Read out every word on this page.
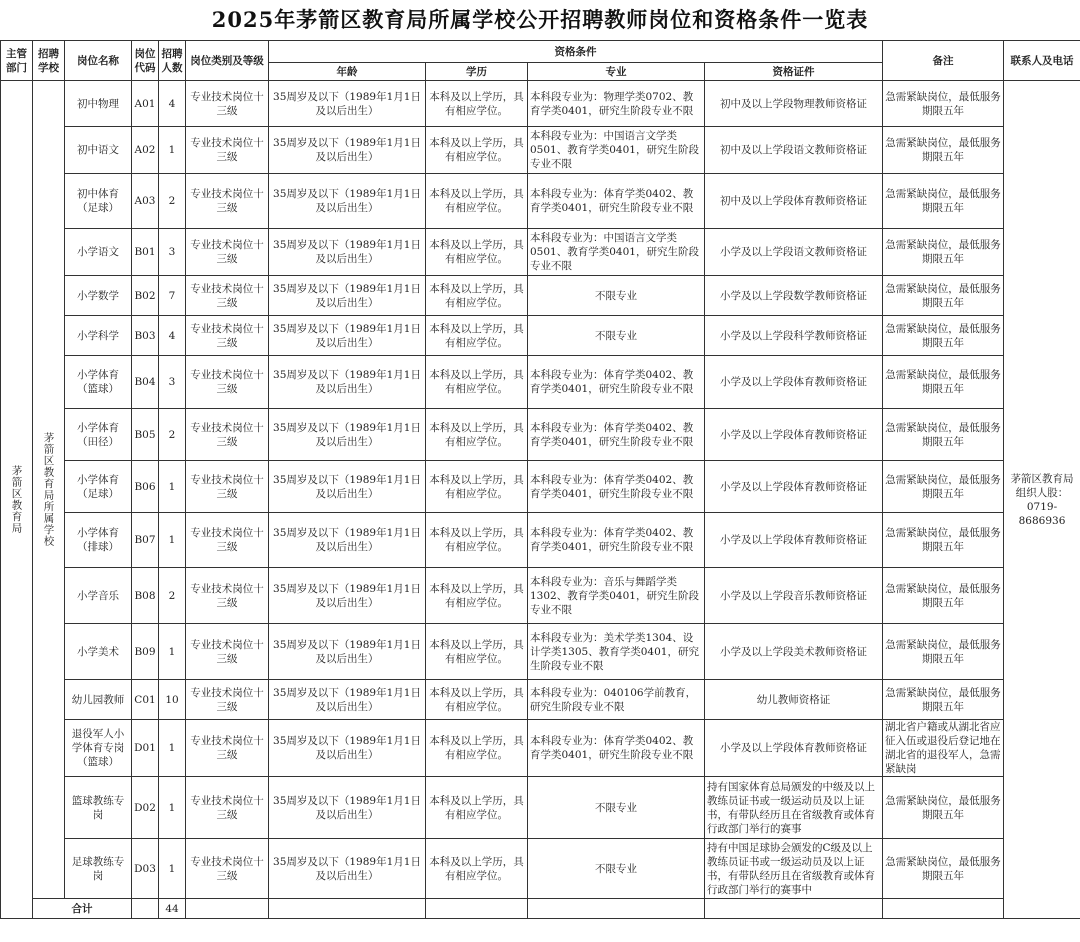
2025年茅箭区教育局所属学校公开招聘教师岗位和资格条件一览表
主管部门	招聘学校	岗位名称	岗位代码	招聘人数	岗位类别及等级	资格条件				备注	联系人及电话
						年龄	学历	专业	资格证件		
茅箭区教育局	茅箭区教育局所属学校	初中物理	A01	4	专业技术岗位十三级	35周岁及以下（1989年1月1日及以后出生）	本科及以上学历，具有相应学位。	本科段专业为：物理学类0702、教育学类0401，研究生阶段专业不限	初中及以上学段物理教师资格证	急需紧缺岗位，最低服务期限五年	茅箭区教育局组织人股：0719-8686936
		初中语文	A02	1	专业技术岗位十三级	35周岁及以下（1989年1月1日及以后出生）	本科及以上学历，具有相应学位。	本科段专业为：中国语言文学类0501、教育学类0401，研究生阶段专业不限	初中及以上学段语文教师资格证	急需紧缺岗位，最低服务期限五年	

		初中体育（足球）	A03	2	专业技术岗位十三级	35周岁及以下（1989年1月1日及以后出生）	本科及以上学历，具有相应学位。	本科段专业为：体育学类0402、教育学类0401，研究生阶段专业不限	初中及以上学段体育教师资格证	急需紧缺岗位，最低服务期限五年	

		小学语文	B01	3	专业技术岗位十三级	35周岁及以下（1989年1月1日及以后出生）	本科及以上学历，具有相应学位。	本科段专业为：中国语言文学类0501、教育学类0401，研究生阶段专业不限	小学及以上学段语文教师资格证	急需紧缺岗位，最低服务期限五年	

		小学数学	B02	7	专业技术岗位十三级	35周岁及以下（1989年1月1日及以后出生）	本科及以上学历，具有相应学位。	不限专业	小学及以上学段数学教师资格证	急需紧缺岗位，最低服务期限五年	

		小学科学	B03	4	专业技术岗位十三级	35周岁及以下（1989年1月1日及以后出生）	本科及以上学历，具有相应学位。	不限专业	小学及以上学段科学教师资格证	急需紧缺岗位，最低服务期限五年	

		小学体育（篮球）	B04	3	专业技术岗位十三级	35周岁及以下（1989年1月1日及以后出生）	本科及以上学历，具有相应学位。	本科段专业为：体育学类0402、教育学类0401，研究生阶段专业不限	小学及以上学段体育教师资格证	急需紧缺岗位，最低服务期限五年	

		小学体育（田径）	B05	2	专业技术岗位十三级	35周岁及以下（1989年1月1日及以后出生）	本科及以上学历，具有相应学位。	本科段专业为：体育学类0402、教育学类0401，研究生阶段专业不限	小学及以上学段体育教师资格证	急需紧缺岗位，最低服务期限五年	

		小学体育（足球）	B06	1	专业技术岗位十三级	35周岁及以下（1989年1月1日及以后出生）	本科及以上学历，具有相应学位。	本科段专业为：体育学类0402、教育学类0401，研究生阶段专业不限	小学及以上学段体育教师资格证	急需紧缺岗位，最低服务期限五年	

		小学体育（排球）	B07	1	专业技术岗位十三级	35周岁及以下（1989年1月1日及以后出生）	本科及以上学历，具有相应学位。	本科段专业为：体育学类0402、教育学类0401，研究生阶段专业不限	小学及以上学段体育教师资格证	急需紧缺岗位，最低服务期限五年	

		小学音乐	B08	2	专业技术岗位十三级	35周岁及以下（1989年1月1日及以后出生）	本科及以上学历，具有相应学位。	本科段专业为：音乐与舞蹈学类1302、教育学类0401，研究生阶段专业不限	小学及以上学段音乐教师资格证	急需紧缺岗位，最低服务期限五年	

		小学美术	B09	1	专业技术岗位十三级	35周岁及以下（1989年1月1日及以后出生）	本科及以上学历，具有相应学位。	本科段专业为：美术学类1304、设计学类1305、教育学类0401，研究生阶段专业不限	小学及以上学段美术教师资格证	急需紧缺岗位，最低服务期限五年	

		幼儿园教师	C01	10	专业技术岗位十三级	35周岁及以下（1989年1月1日及以后出生）	本科及以上学历，具有相应学位。	本科段专业为：040106学前教育，研究生阶段专业不限	幼儿教师资格证	急需紧缺岗位，最低服务期限五年	

		退役军人小学体育专岗（篮球）	D01	1	专业技术岗位十三级	35周岁及以下（1989年1月1日及以后出生）	本科及以上学历，具有相应学位。	本科段专业为：体育学类0402、教育学类0401，研究生阶段专业不限	小学及以上学段体育教师资格证	湖北省户籍或从湖北省应征入伍或退役后登记地在湖北省的退役军人，急需紧缺岗	

		篮球教练专岗	D02	1	专业技术岗位十三级	35周岁及以下（1989年1月1日及以后出生）	本科及以上学历，具有相应学位。	不限专业	持有国家体育总局颁发的中级及以上教练员证书或一级运动员及以上证书，有带队经历且在省级教育或体育行政部门举行的赛事	急需紧缺岗位，最低服务期限五年	

		足球教练专岗	D03	1	专业技术岗位十三级	35周岁及以下（1989年1月1日及以后出生）	本科及以上学历，具有相应学位。	不限专业	持有中国足球协会颁发的C级及以上教练员证书或一级运动员及以上证书，有带队经历且在省级教育或体育行政部门举行的赛事中	急需紧缺岗位，最低服务期限五年	

	合计			44							
